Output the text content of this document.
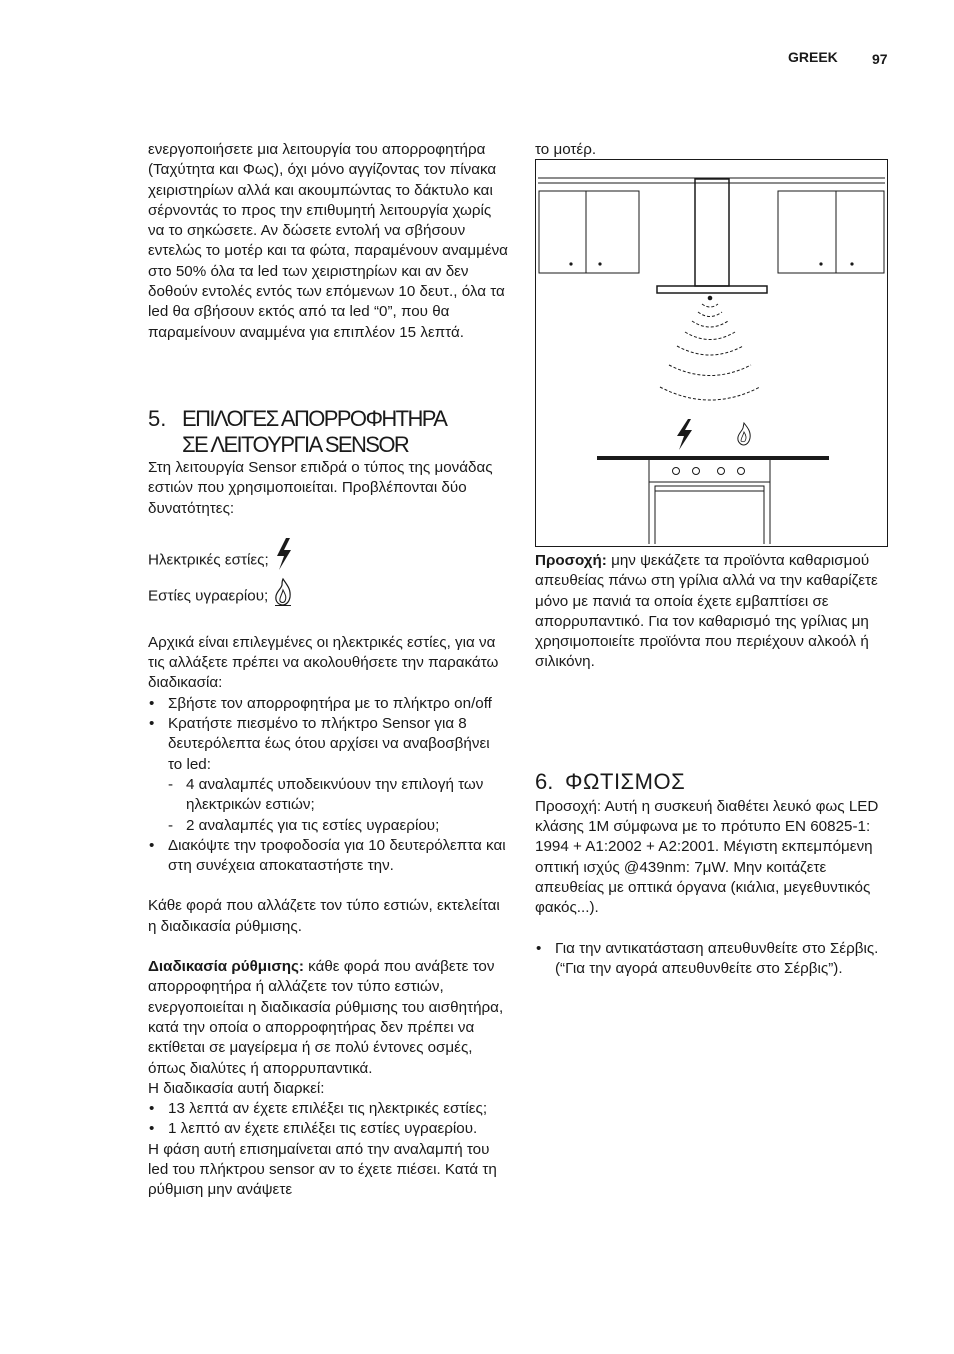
GREEK 97

ενεργοποιήσετε μια λειτουργία του απορροφητήρα (Ταχύτητα και Φως), όχι μόνο αγγίζοντας τον πίνακα χειριστηρίων αλλά και ακουμπώντας το δάκτυλο και σέρνοντάς το προς την επιθυμητή λειτουργία χωρίς να το σηκώσετε. Αν δώσετε εντολή να σβήσουν εντελώς το μοτέρ και τα φώτα, παραμένουν αναμμένα στο 50% όλα τα led των χειριστηρίων και αν δεν δοθούν εντολές εντός των επόμενων 10 δευτ., όλα τα led θα σβήσουν εκτός από τα led “0”, που θα παραμείνουν αναμμένα για επιπλέον 15 λεπτά.

5. ΕΠΙΛΟΓΕΣ ΑΠΟΡΡΟΦΗΤΗΡΑ
ΣΕ ΛΕΙΤΟΥΡΓΙΑ SENSOR

Στη λειτουργία Sensor επιδρά ο τύπος της μονάδας εστιών που χρησιμοποιείται. Προβλέπονται δύο δυνατότητες:

Ηλεκτρικές εστίες;

Εστίες υγραερίου;

Αρχικά είναι επιλεγμένες οι ηλεκτρικές εστίες, για να τις αλλάξετε πρέπει να ακολουθήσετε την παρακάτω διαδικασία:

• Σβήστε τον απορροφητήρα με το πλήκτρο on/off
• Κρατήστε πιεσμένο το πλήκτρο Sensor για 8 δευτερόλεπτα έως ότου αρχίσει να αναβοσβήνει το led:
- 4 αναλαμπές υποδεικνύουν την επιλογή των ηλεκτρικών εστιών;
- 2 αναλαμπές για τις εστίες υγραερίου;
• Διακόψτε την τροφοδοσία για 10 δευτερόλεπτα και στη συνέχεια αποκαταστήστε την.

Κάθε φορά που αλλάζετε τον τύπο εστιών, εκτελείται η διαδικασία ρύθμισης.

Διαδικασία ρύθμισης: κάθε φορά που ανάβετε τον απορροφητήρα ή αλλάζετε τον τύπο εστιών, ενεργοποιείται η διαδικασία ρύθμισης του αισθητήρα, κατά την οποία ο απορροφητήρας δεν πρέπει να εκτίθεται σε μαγείρεμα ή σε πολύ έντονες οσμές, όπως διαλύτες ή απορρυπαντικά.

Η διαδικασία αυτή διαρκεί:

• 13 λεπτά αν έχετε επιλέξει τις ηλεκτρικές εστίες;
• 1 λεπτό αν έχετε επιλέξει τις εστίες υγραερίου.

Η φάση αυτή επισημαίνεται από την αναλαμπή του led του πλήκτρου sensor αν το έχετε πιέσει. Κατά τη ρύθμιση μην ανάψετε

το μοτέρ.

Προσοχή: μην ψεκάζετε τα προϊόντα καθαρισμού απευθείας πάνω στη γρίλια αλλά να την καθαρίζετε μόνο με πανιά τα οποία έχετε εμβαπτίσει σε απορρυπαντικό. Για τον καθαρισμό της γρίλιας μη χρησιμοποιείτε προϊόντα που περιέχουν αλκοόλ ή σιλικόνη.

6. ΦΩΤΙΣΜΟΣ

Προσοχή: Αυτή η συσκευή διαθέτει λευκό φως LED κλάσης 1M σύμφωνα με το πρότυπο EN 60825-1: 1994 + A1:2002 + A2:2001. Μέγιστη εκπεμπόμενη οπτική ισχύς @439nm: 7μW. Μην κοιτάζετε απευθείας με οπτικά όργανα (κιάλια, μεγεθυντικός φακός...).

• Για την αντικατάσταση απευθυνθείτε στο Σέρβις. (“Για την αγορά απευθυνθείτε στο Σέρβις”).
